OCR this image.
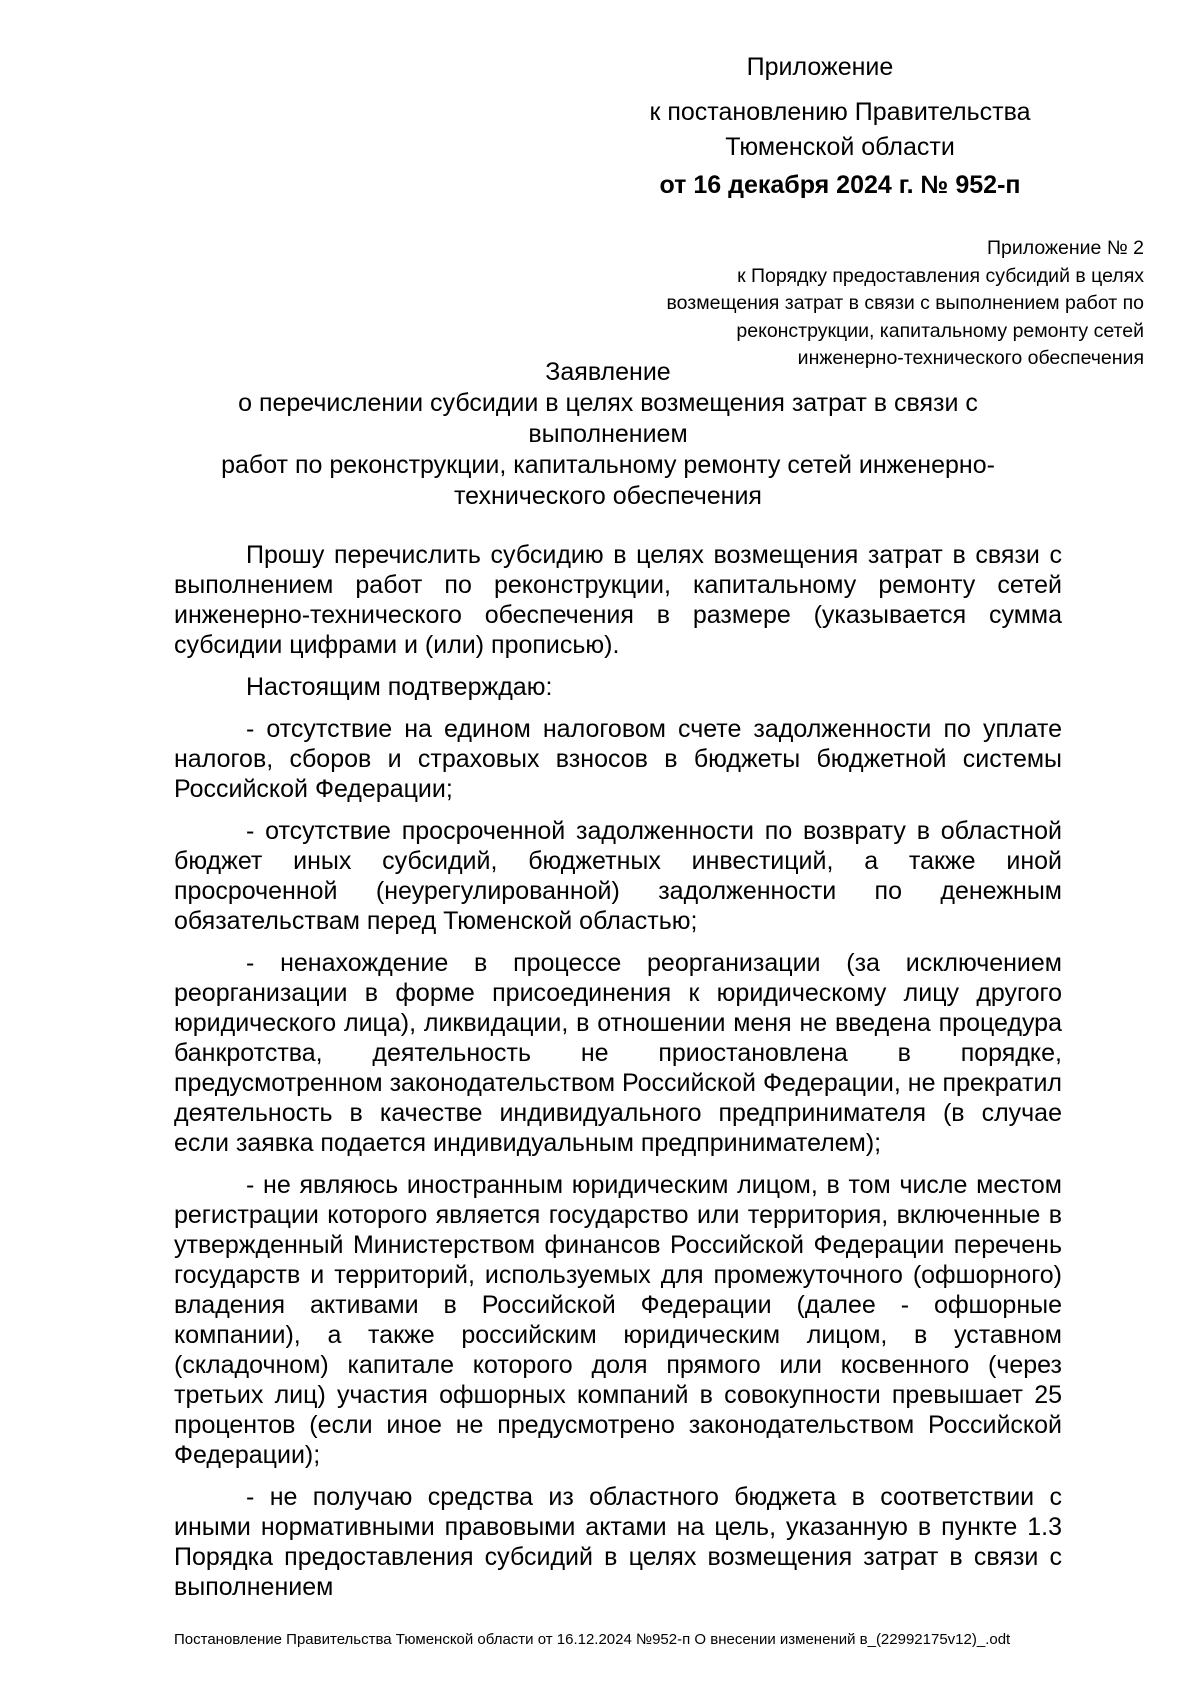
Приложение
к постановлению Правительства
Тюменской области
от 16 декабря 2024 г. № 952-п
Приложение № 2
к Порядку предоставления субсидий в целях
возмещения затрат в связи с выполнением работ по
реконструкции, капитальному ремонту сетей
инженерно-технического обеспечения
Заявление
о перечислении субсидии в целях возмещения затрат в связи с выполнением
работ по реконструкции, капитальному ремонту сетей инженерно-
технического обеспечения

Прошу перечислить субсидию в целях возмещения затрат в связи с выполнением работ по реконструкции, капитальному ремонту сетей инженерно-технического обеспечения в размере (указывается сумма субсидии цифрами и (или) прописью).

Настоящим подтверждаю:

- отсутствие на едином налоговом счете задолженности по уплате налогов, сборов и страховых взносов в бюджеты бюджетной системы Российской Федерации;

- отсутствие просроченной задолженности по возврату в областной бюджет иных субсидий, бюджетных инвестиций, а также иной просроченной (неурегулированной) задолженности по денежным обязательствам перед Тюменской областью;

- ненахождение в процессе реорганизации (за исключением реорганизации в форме присоединения к юридическому лицу другого юридического лица), ликвидации, в отношении меня не введена процедура банкротства, деятельность не приостановлена в порядке, предусмотренном законодательством Российской Федерации, не прекратил деятельность в качестве индивидуального предпринимателя (в случае если заявка подается индивидуальным предпринимателем);

- не являюсь иностранным юридическим лицом, в том числе местом регистрации которого является государство или территория, включенные в утвержденный Министерством финансов Российской Федерации перечень государств и территорий, используемых для промежуточного (офшорного) владения активами в Российской Федерации (далее - офшорные компании), а также российским юридическим лицом, в уставном (складочном) капитале которого доля прямого или косвенного (через третьих лиц) участия офшорных компаний в совокупности превышает 25 процентов (если иное не предусмотрено законодательством Российской Федерации);

- не получаю средства из областного бюджета в соответствии с иными нормативными правовыми актами на цель, указанную в пункте 1.3 Порядка предоставления субсидий в целях возмещения затрат в связи с выполнением

Постановление Правительства Тюменской области от 16.12.2024 №952-п О внесении изменений в_(22992175v12)_.odt
